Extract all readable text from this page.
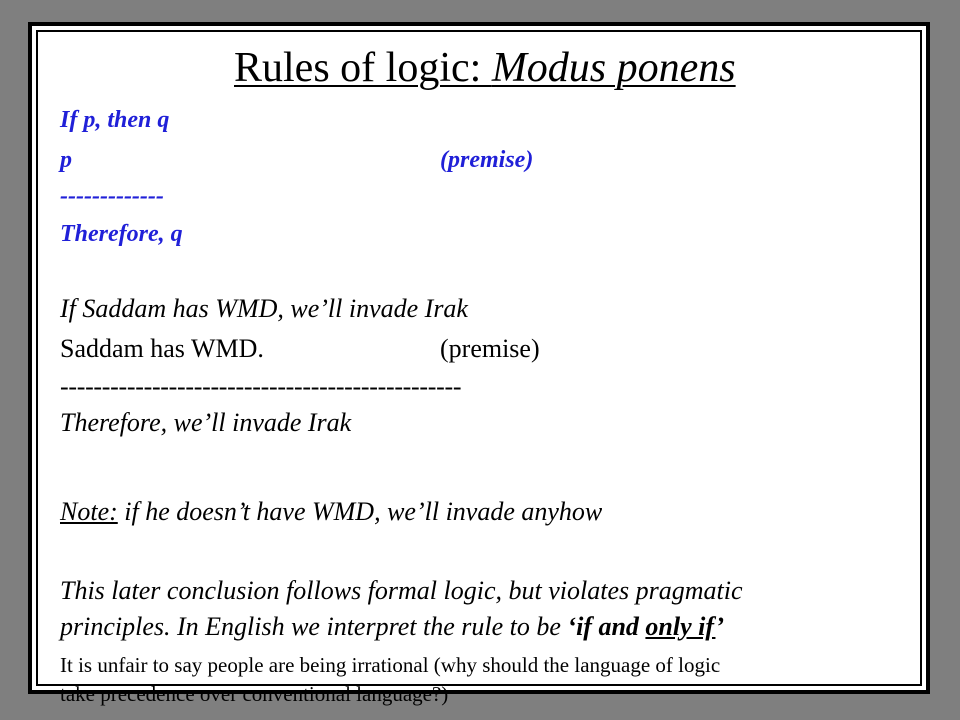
Rules of logic: Modus ponens
If p, then q
p	(premise)
-------------
Therefore, q
If Saddam has WMD, we’ll invade Irak
Saddam has WMD.	(premise)
------------------------------------------------
Therefore, we’ll invade Irak
Note: if he doesn’t have WMD, we’ll invade anyhow
This later conclusion follows formal logic, but violates pragmatic
principles. In English we interpret the rule to be ‘if and only if’
It is unfair to say people are being irrational (why should the language of logic
take precedence over conventional language?)
